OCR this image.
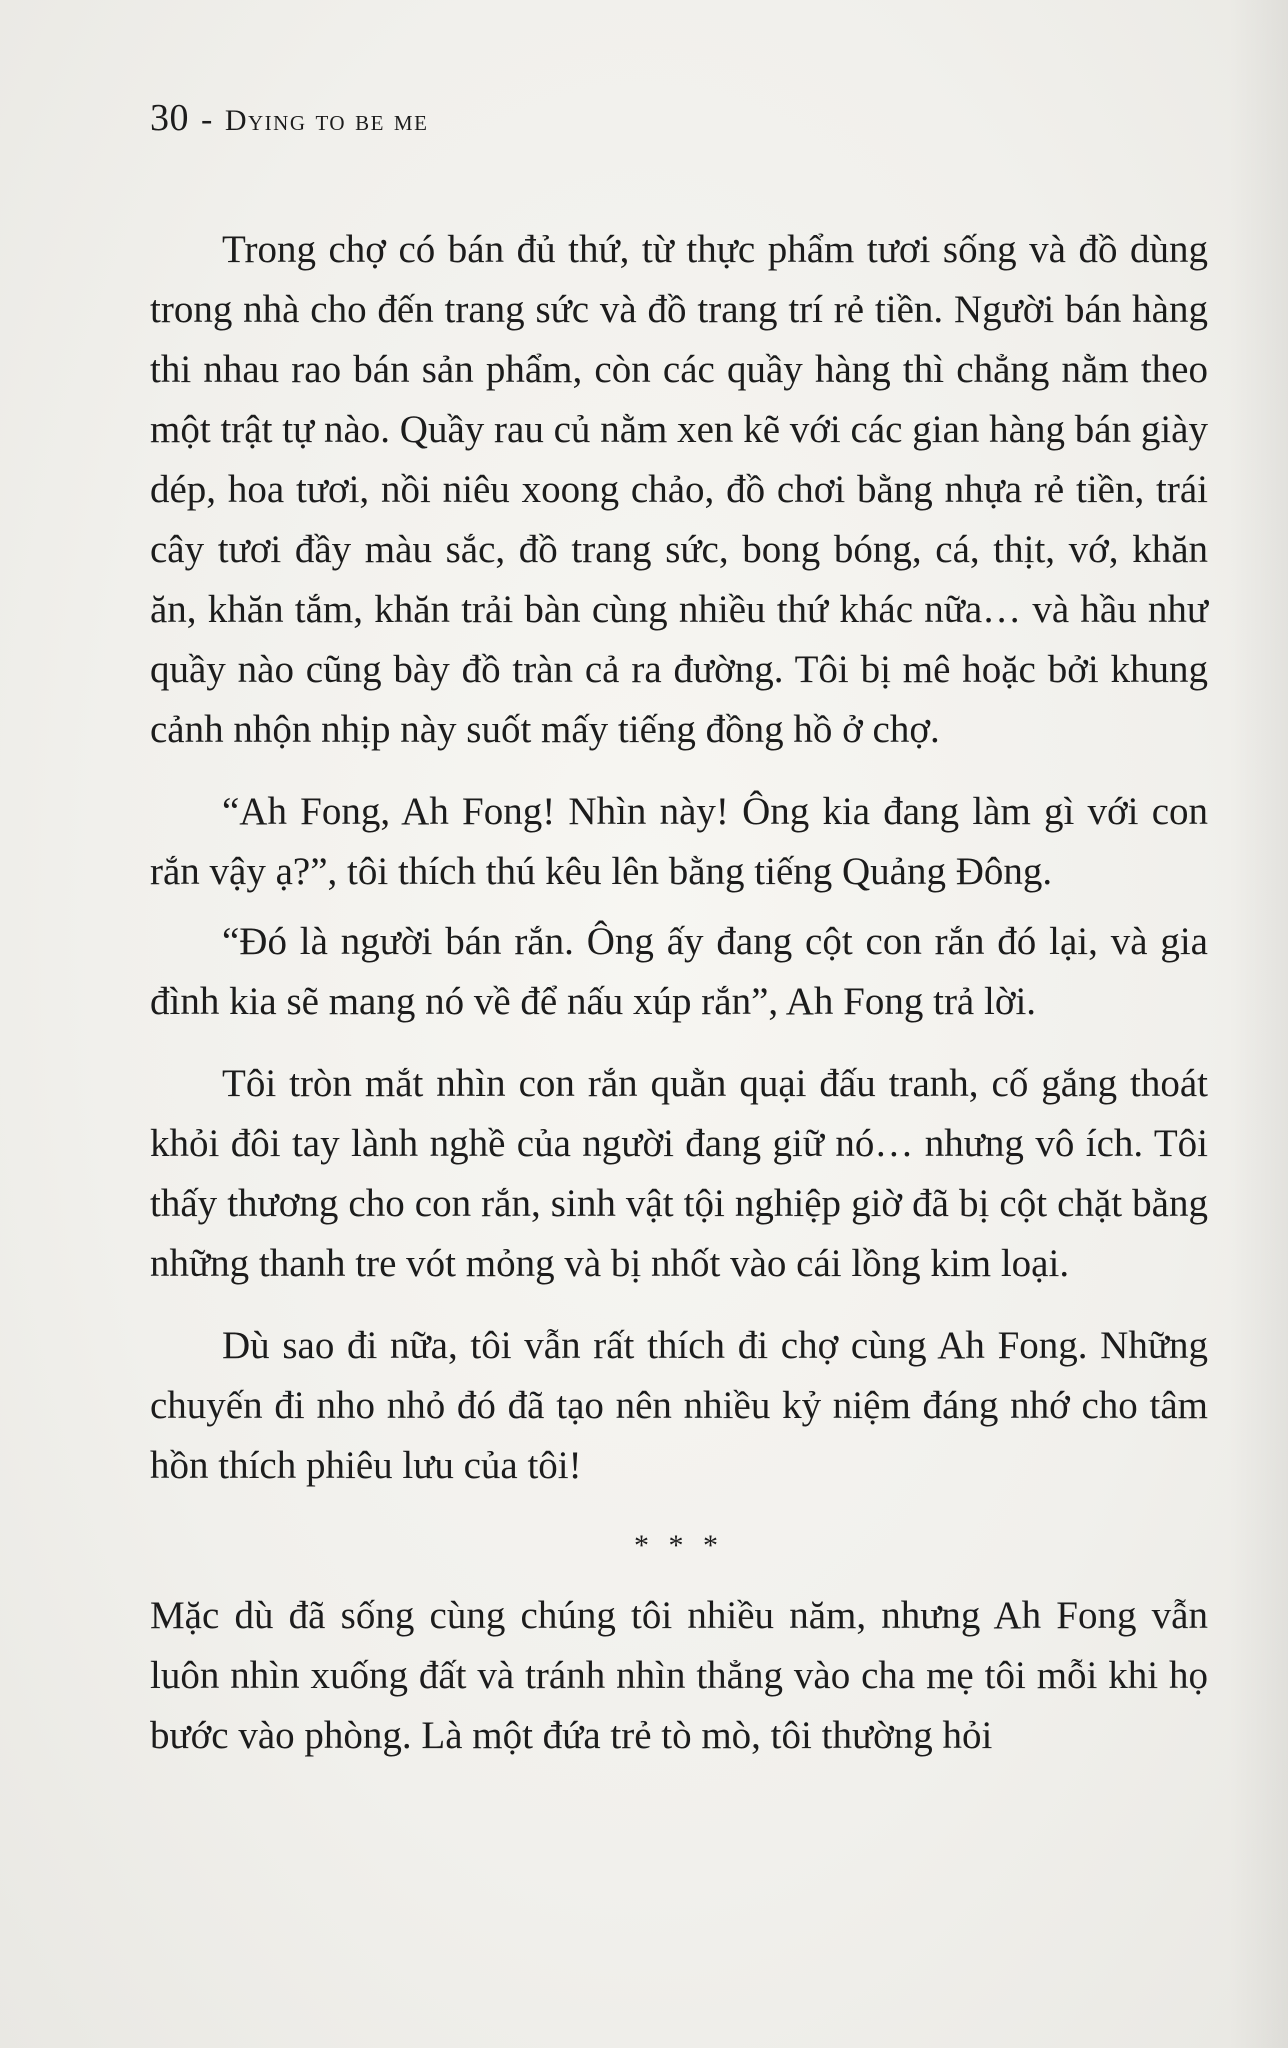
30 - Dying to be me

Trong chợ có bán đủ thứ, từ thực phẩm tươi sống và đồ dùng trong nhà cho đến trang sức và đồ trang trí rẻ tiền. Người bán hàng thi nhau rao bán sản phẩm, còn các quầy hàng thì chẳng nằm theo một trật tự nào. Quầy rau củ nằm xen kẽ với các gian hàng bán giày dép, hoa tươi, nồi niêu xoong chảo, đồ chơi bằng nhựa rẻ tiền, trái cây tươi đầy màu sắc, đồ trang sức, bong bóng, cá, thịt, vớ, khăn ăn, khăn tắm, khăn trải bàn cùng nhiều thứ khác nữa… và hầu như quầy nào cũng bày đồ tràn cả ra đường. Tôi bị mê hoặc bởi khung cảnh nhộn nhịp này suốt mấy tiếng đồng hồ ở chợ.

“Ah Fong, Ah Fong! Nhìn này! Ông kia đang làm gì với con rắn vậy ạ?”, tôi thích thú kêu lên bằng tiếng Quảng Đông.

“Đó là người bán rắn. Ông ấy đang cột con rắn đó lại, và gia đình kia sẽ mang nó về để nấu xúp rắn”, Ah Fong trả lời.

Tôi tròn mắt nhìn con rắn quằn quại đấu tranh, cố gắng thoát khỏi đôi tay lành nghề của người đang giữ nó… nhưng vô ích. Tôi thấy thương cho con rắn, sinh vật tội nghiệp giờ đã bị cột chặt bằng những thanh tre vót mỏng và bị nhốt vào cái lồng kim loại.

Dù sao đi nữa, tôi vẫn rất thích đi chợ cùng Ah Fong. Những chuyến đi nho nhỏ đó đã tạo nên nhiều kỷ niệm đáng nhớ cho tâm hồn thích phiêu lưu của tôi!

* * *

Mặc dù đã sống cùng chúng tôi nhiều năm, nhưng Ah Fong vẫn luôn nhìn xuống đất và tránh nhìn thẳng vào cha mẹ tôi mỗi khi họ bước vào phòng. Là một đứa trẻ tò mò, tôi thường hỏi
